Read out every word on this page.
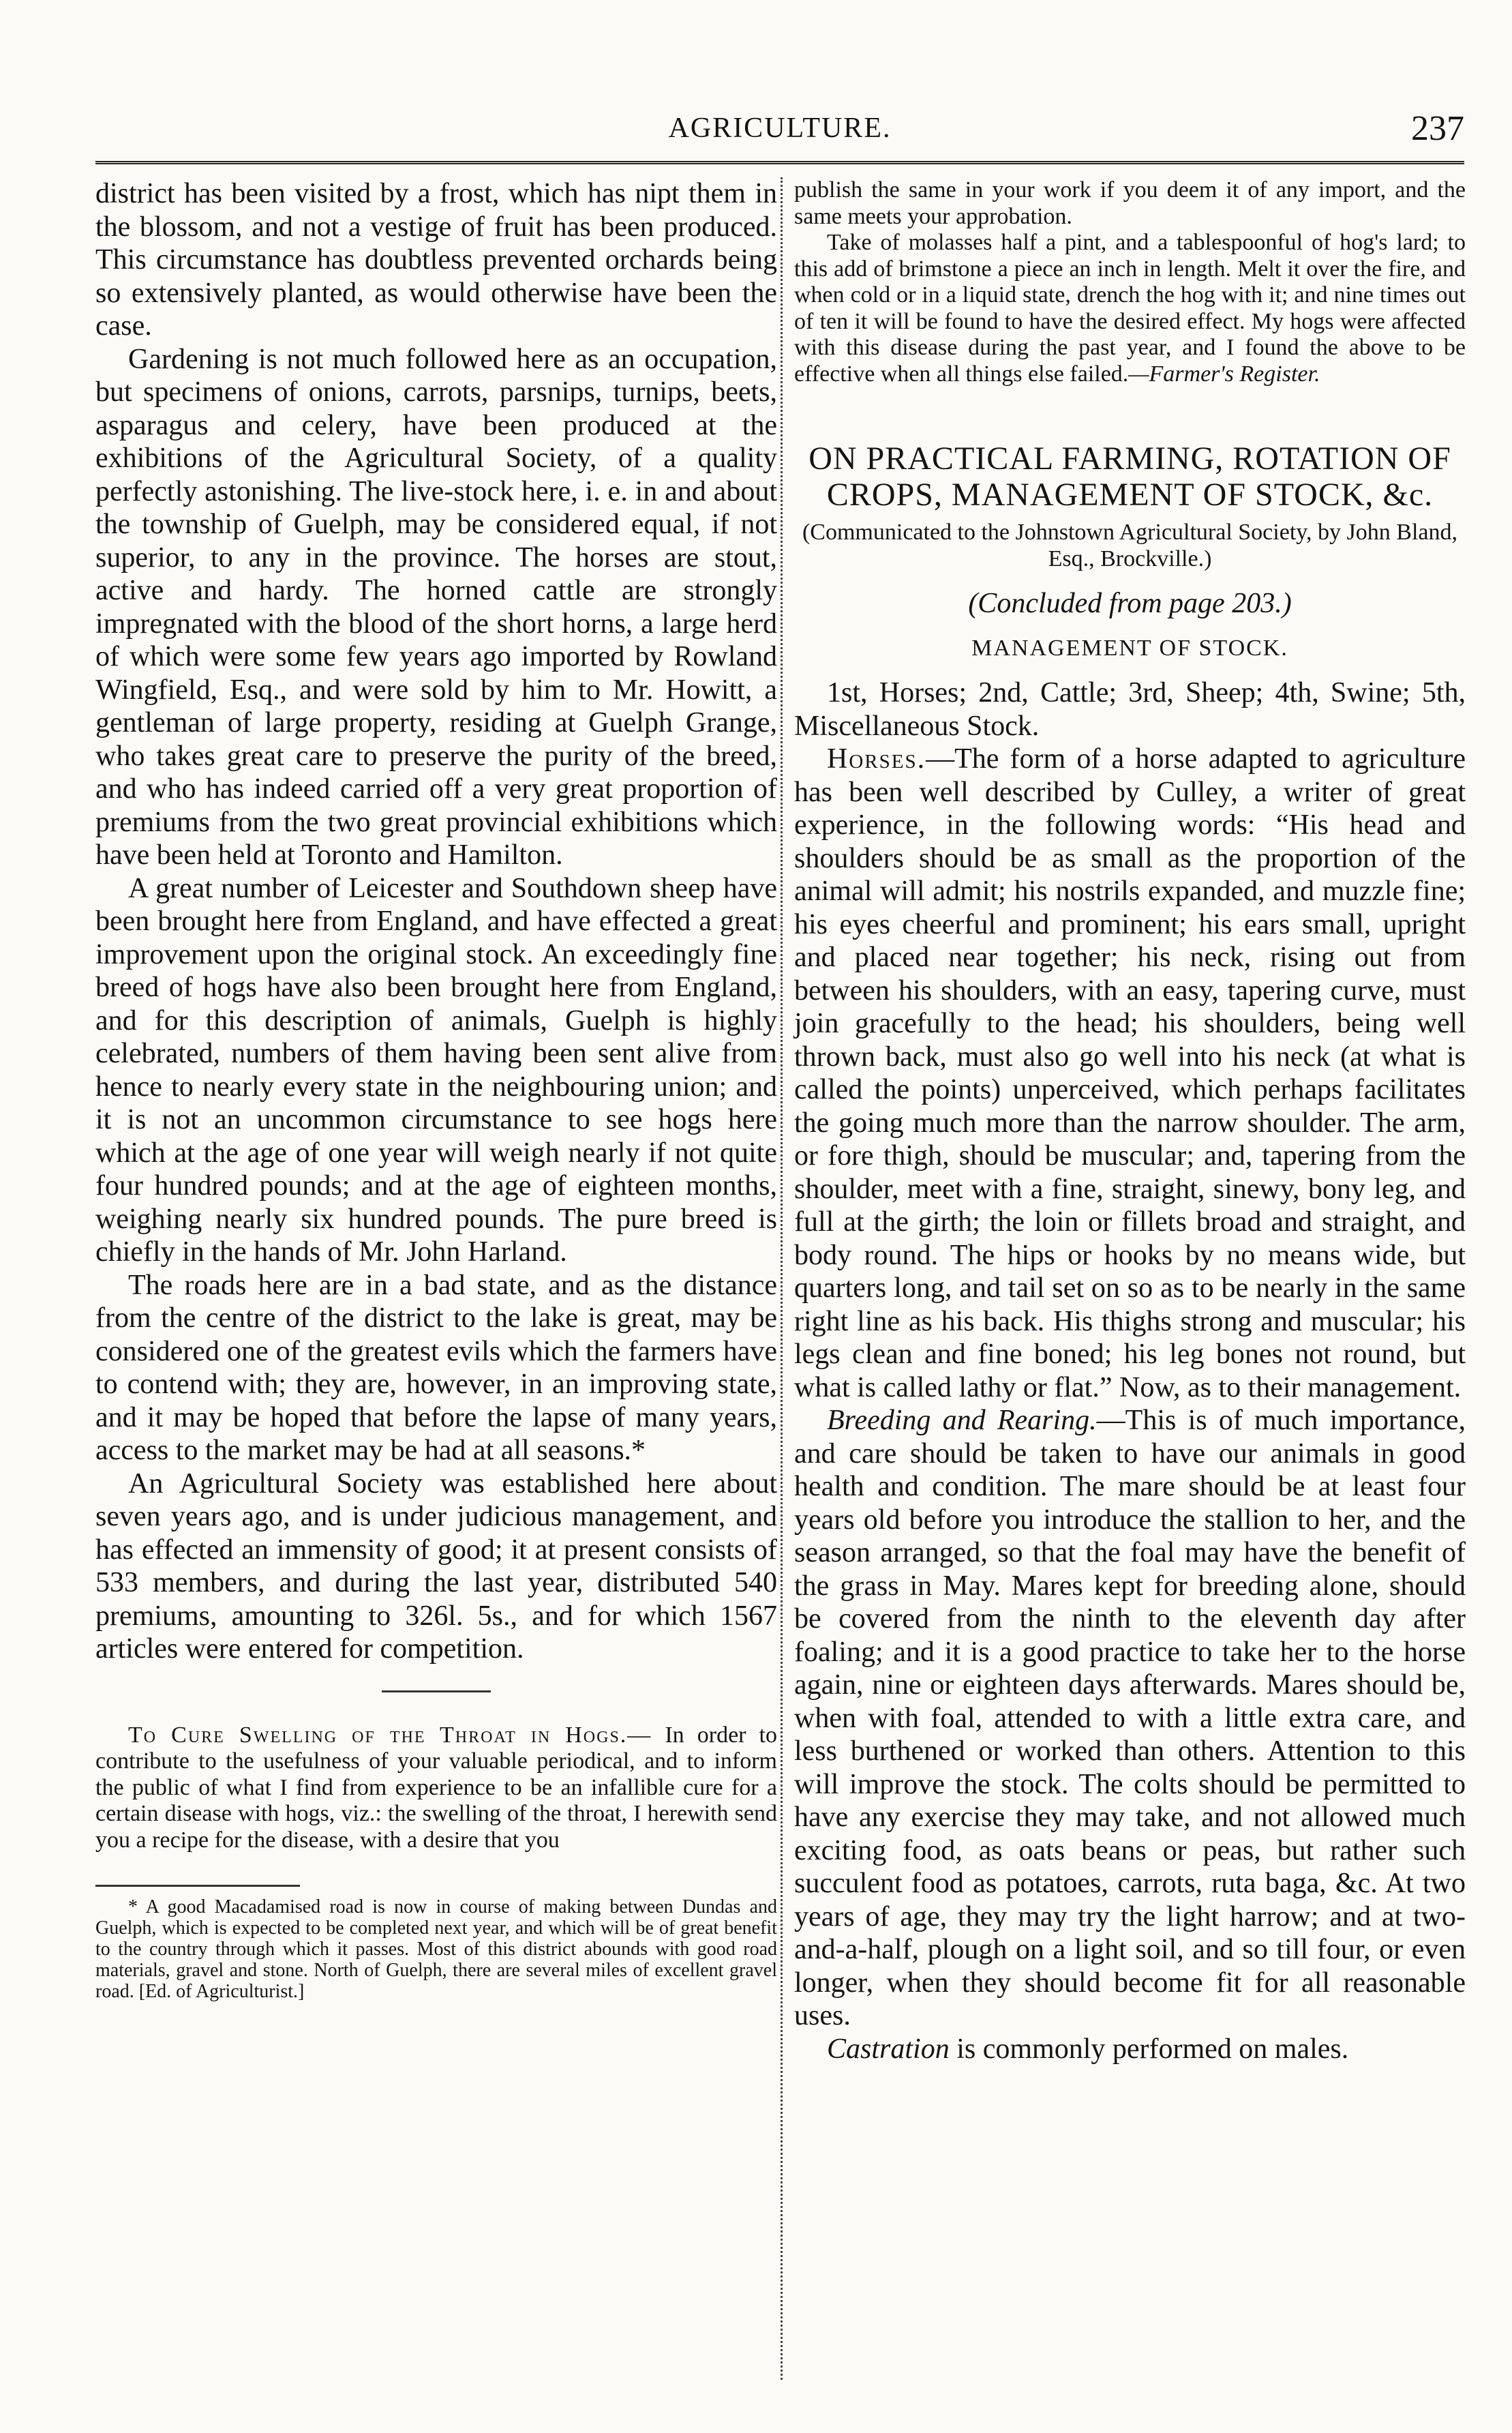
AGRICULTURE.	237

district has been visited by a frost, which has nipt them in the blossom, and not a vestige of fruit has been produced. This circumstance has doubtless prevented orchards being so extensively planted, as would otherwise have been the case.

Gardening is not much followed here as an occupation, but specimens of onions, carrots, parsnips, turnips, beets, asparagus and celery, have been produced at the exhibitions of the Agricultural Society, of a quality perfectly astonishing. The live-stock here, i. e. in and about the township of Guelph, may be considered equal, if not superior, to any in the province. The horses are stout, active and hardy. The horned cattle are strongly impregnated with the blood of the short horns, a large herd of which were some few years ago imported by Rowland Wingfield, Esq., and were sold by him to Mr. Howitt, a gentleman of large property, residing at Guelph Grange, who takes great care to preserve the purity of the breed, and who has indeed carried off a very great proportion of premiums from the two great provincial exhibitions which have been held at Toronto and Hamilton.

A great number of Leicester and Southdown sheep have been brought here from England, and have effected a great improvement upon the original stock. An exceedingly fine breed of hogs have also been brought here from England, and for this description of animals, Guelph is highly celebrated, numbers of them having been sent alive from hence to nearly every state in the neighbouring union; and it is not an uncommon circumstance to see hogs here which at the age of one year will weigh nearly if not quite four hundred pounds; and at the age of eighteen months, weighing nearly six hundred pounds. The pure breed is chiefly in the hands of Mr. John Harland.

The roads here are in a bad state, and as the distance from the centre of the district to the lake is great, may be considered one of the greatest evils which the farmers have to contend with; they are, however, in an improving state, and it may be hoped that before the lapse of many years, access to the market may be had at all seasons.*

An Agricultural Society was established here about seven years ago, and is under judicious management, and has effected an immensity of good; it at present consists of 533 members, and during the last year, distributed 540 premiums, amounting to 326l. 5s., and for which 1567 articles were entered for competition.

To Cure Swelling of the Throat in Hogs.— In order to contribute to the usefulness of your valuable periodical, and to inform the public of what I find from experience to be an infallible cure for a certain disease with hogs, viz.: the swelling of the throat, I herewith send you a recipe for the disease, with a desire that you

* A good Macadamised road is now in course of making between Dundas and Guelph, which is expected to be completed next year, and which will be of great benefit to the country through which it passes. Most of this district abounds with good road materials, gravel and stone. North of Guelph, there are several miles of excellent gravel road. [Ed. of Agriculturist.]

publish the same in your work if you deem it of any import, and the same meets your approbation.

Take of molasses half a pint, and a tablespoonful of hog's lard; to this add of brimstone a piece an inch in length. Melt it over the fire, and when cold or in a liquid state, drench the hog with it; and nine times out of ten it will be found to have the desired effect. My hogs were affected with this disease during the past year, and I found the above to be effective when all things else failed.—Farmer's Register.

ON PRACTICAL FARMING, ROTATION OF CROPS, MANAGEMENT OF STOCK, &c.

(Communicated to the Johnstown Agricultural Society, by John Bland, Esq., Brockville.)

(Concluded from page 203.)

MANAGEMENT OF STOCK.

1st, Horses; 2nd, Cattle; 3rd, Sheep; 4th, Swine; 5th, Miscellaneous Stock.

Horses.—The form of a horse adapted to agriculture has been well described by Culley, a writer of great experience, in the following words: “His head and shoulders should be as small as the proportion of the animal will admit; his nostrils expanded, and muzzle fine; his eyes cheerful and prominent; his ears small, upright and placed near together; his neck, rising out from between his shoulders, with an easy, tapering curve, must join gracefully to the head; his shoulders, being well thrown back, must also go well into his neck (at what is called the points) unperceived, which perhaps facilitates the going much more than the narrow shoulder. The arm, or fore thigh, should be muscular; and, tapering from the shoulder, meet with a fine, straight, sinewy, bony leg, and full at the girth; the loin or fillets broad and straight, and body round. The hips or hooks by no means wide, but quarters long, and tail set on so as to be nearly in the same right line as his back. His thighs strong and muscular; his legs clean and fine boned; his leg bones not round, but what is called lathy or flat.” Now, as to their management.

Breeding and Rearing.—This is of much importance, and care should be taken to have our animals in good health and condition. The mare should be at least four years old before you introduce the stallion to her, and the season arranged, so that the foal may have the benefit of the grass in May. Mares kept for breeding alone, should be covered from the ninth to the eleventh day after foaling; and it is a good practice to take her to the horse again, nine or eighteen days afterwards. Mares should be, when with foal, attended to with a little extra care, and less burthened or worked than others. Attention to this will improve the stock. The colts should be permitted to have any exercise they may take, and not allowed much exciting food, as oats beans or peas, but rather such succulent food as potatoes, carrots, ruta baga, &c. At two years of age, they may try the light harrow; and at two-and-a-half, plough on a light soil, and so till four, or even longer, when they should become fit for all reasonable uses.

Castration is commonly performed on males.
